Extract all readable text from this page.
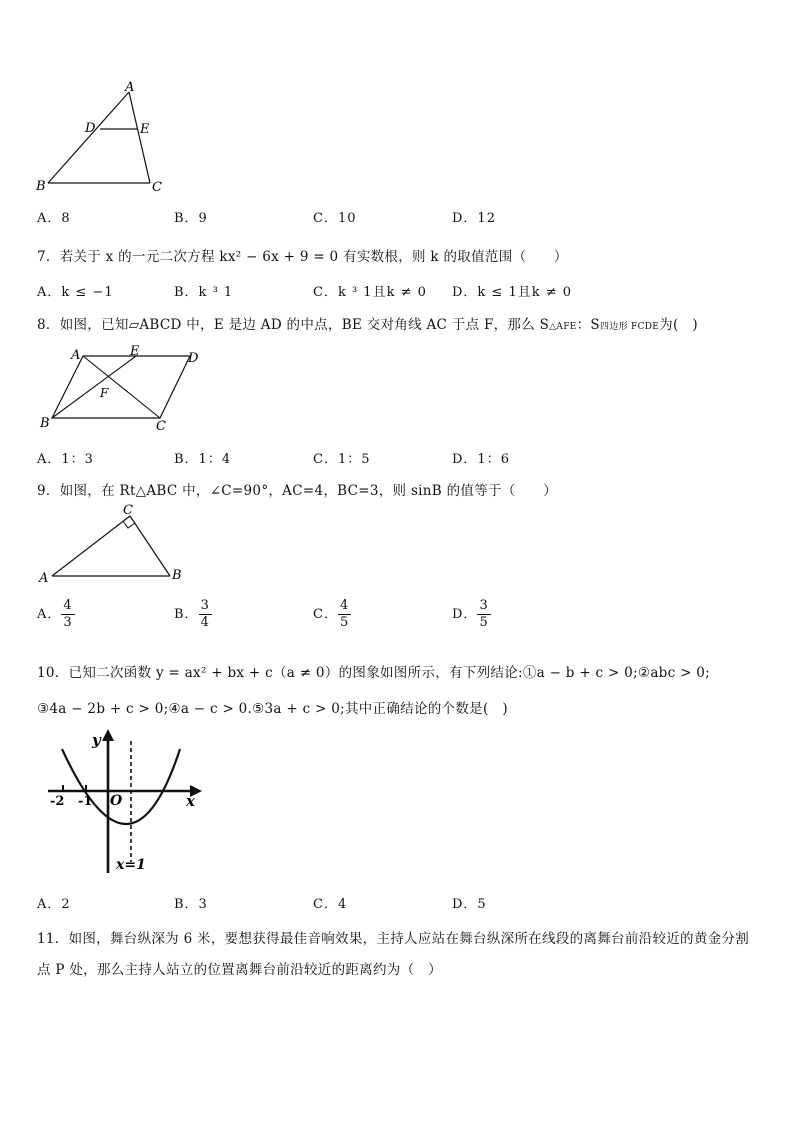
A
D	E
B	C
A．8	B．9	C．10	D．12
7．若关于 x 的一元二次方程 kx² − 6x + 9 = 0 有实数根，则 k 的取值范围（　　）
A．k ≤ −1	B．k ³ 1	C．k ³ 1且k ≠ 0 D．k ≤ 1且k ≠ 0
8．如图，已知▱ABCD 中，E 是边 AD 的中点，BE 交对角线 AC 于点 F，那么 S△AFE：S四边形 FCDE为(　)
A	E	D
F
B	C
A．1：3	B．1：4	C．1：5	D．1：6
9．如图，在 Rt△ABC 中，∠C=90°，AC=4，BC=3，则 sinB 的值等于（　　）
C
A	B
A． $\frac{4}{3}$	B． $\frac{3}{4}$	C． $\frac{4}{5}$	D． $\frac{3}{5}$
10．已知二次函数 y = ax² + bx + c（a ≠ 0）的图象如图所示，有下列结论:①a − b + c > 0;②abc > 0;
③4a − 2b + c > 0;④a − c > 0.⑤3a + c > 0;其中正确结论的个数是(　)
y
x
O
-2 -1
x=1
A．2	B．3	C．4	D．5
11．如图，舞台纵深为 6 米，要想获得最佳音响效果，主持人应站在舞台纵深所在线段的离舞台前沿较近的黄金分割
点 P 处，那么主持人站立的位置离舞台前沿较近的距离约为（　）
